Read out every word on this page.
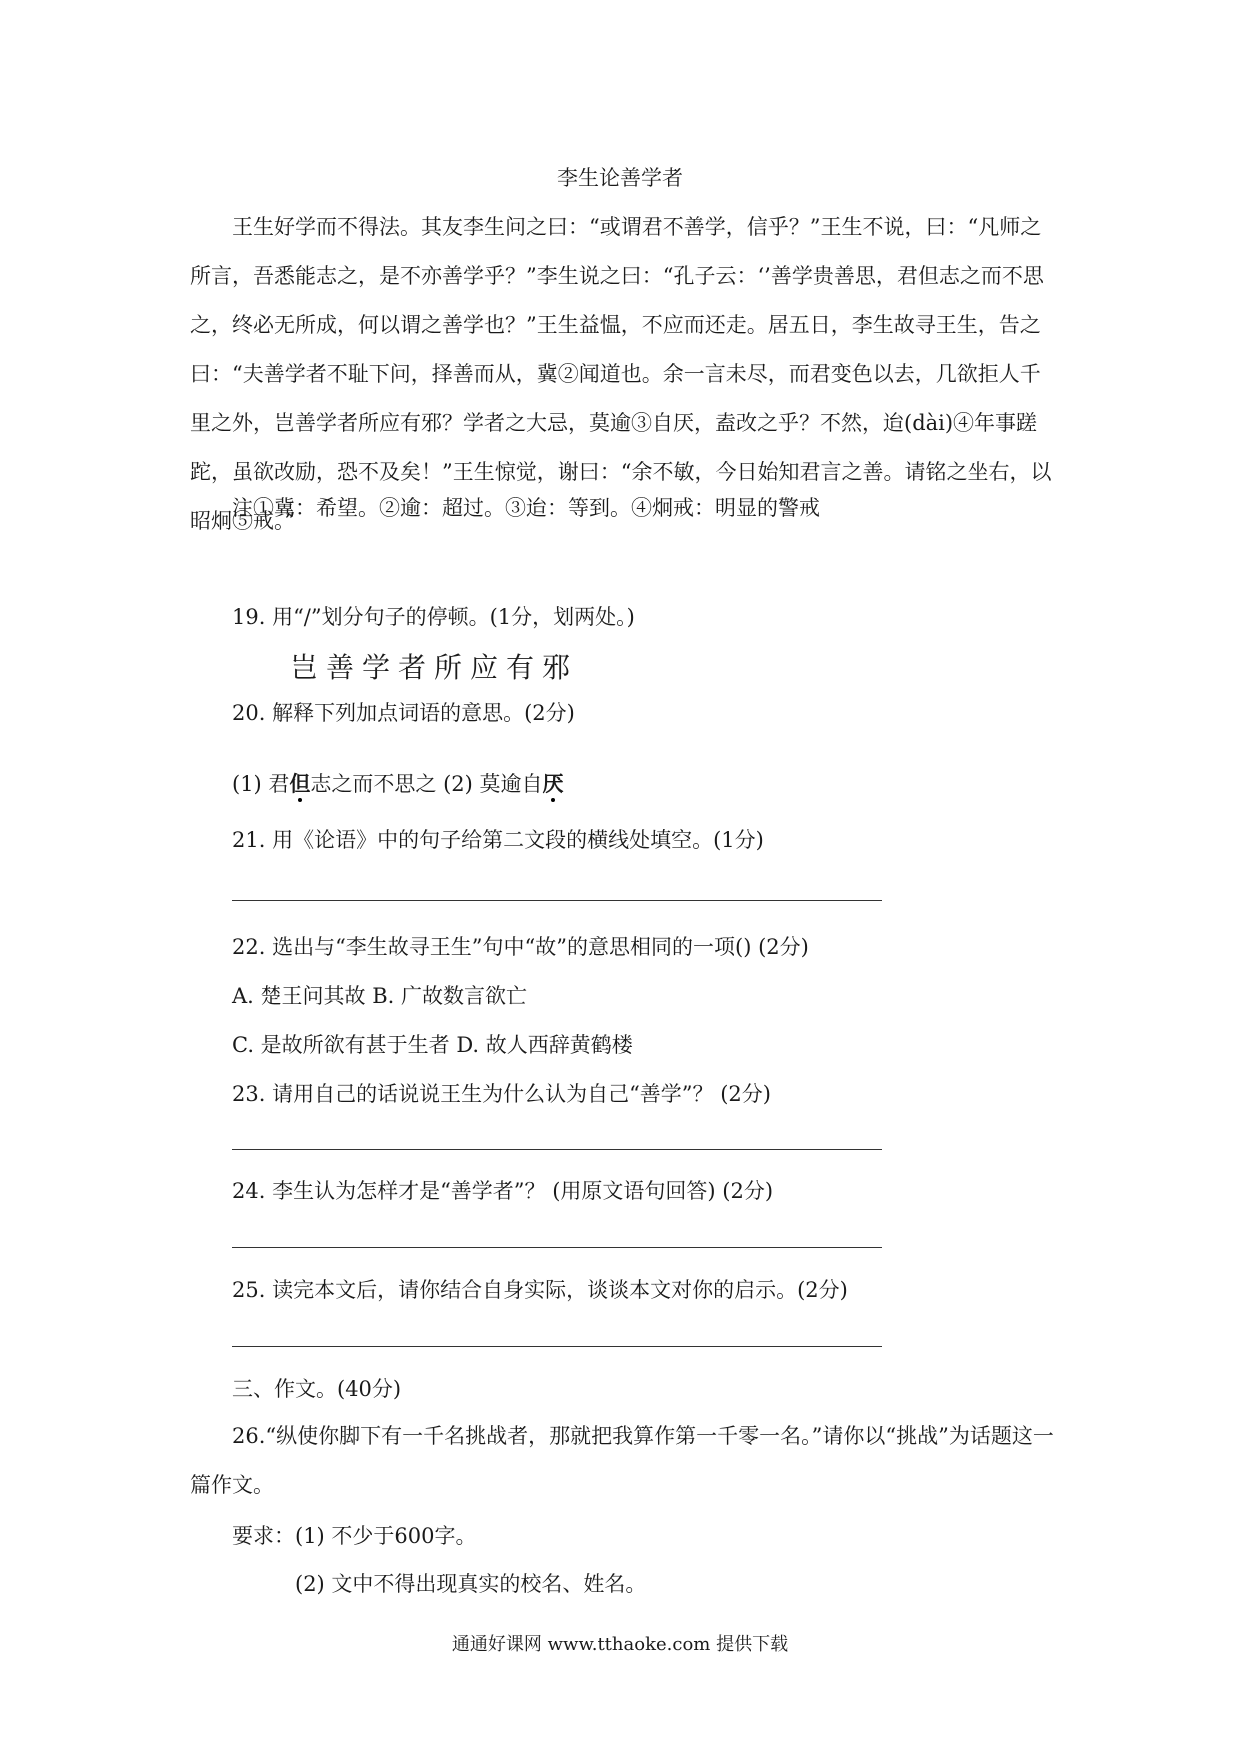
李生论善学者
王生好学而不得法。其友李生问之曰：“或谓君不善学，信乎？”王生不说，曰：“凡师之所言，吾悉能志之，是不亦善学乎？”李生说之曰：“孔子云：‘’善学贵善思，君但志之而不思之，终必无所成，何以谓之善学也？”王生益愠，不应而还走。居五日，李生故寻王生，告之曰：“夫善学者不耻下问，择善而从，冀②闻道也。余一言未尽，而君变色以去，几欲拒人千里之外，岂善学者所应有邪？学者之大忌，莫逾③自厌，盍改之乎？不然，迨(dài)④年事蹉跎，虽欲改励，恐不及矣！”王生惊觉，谢曰：“余不敏，今日始知君言之善。请铭之坐右，以昭炯⑤戒。”
注①冀：希望。②逾：超过。③迨：等到。④炯戒：明显的警戒
19. 用“/”划分句子的停顿。(1分，划两处。)
岂善学者所应有邪
20. 解释下列加点词语的意思。(2分)
(1) 君但志之而不思之 (2) 莫逾自厌
21. 用《论语》中的句子给第二文段的横线处填空。(1分)
22. 选出与“李生故寻王生”句中“故”的意思相同的一项() (2分)
A. 楚王问其故 B. 广故数言欲亡
C. 是故所欲有甚于生者 D. 故人西辞黄鹤楼
23. 请用自己的话说说王生为什么认为自己“善学”？ (2分)
24. 李生认为怎样才是“善学者”？ (用原文语句回答) (2分)
25. 读完本文后，请你结合自身实际，谈谈本文对你的启示。(2分)
三、作文。(40分)
26.“纵使你脚下有一千名挑战者，那就把我算作第一千零一名。”请你以“挑战”为话题这一篇作文。
要求：(1) 不少于600字。
(2) 文中不得出现真实的校名、姓名。
通通好课网 www.tthaoke.com 提供下载
